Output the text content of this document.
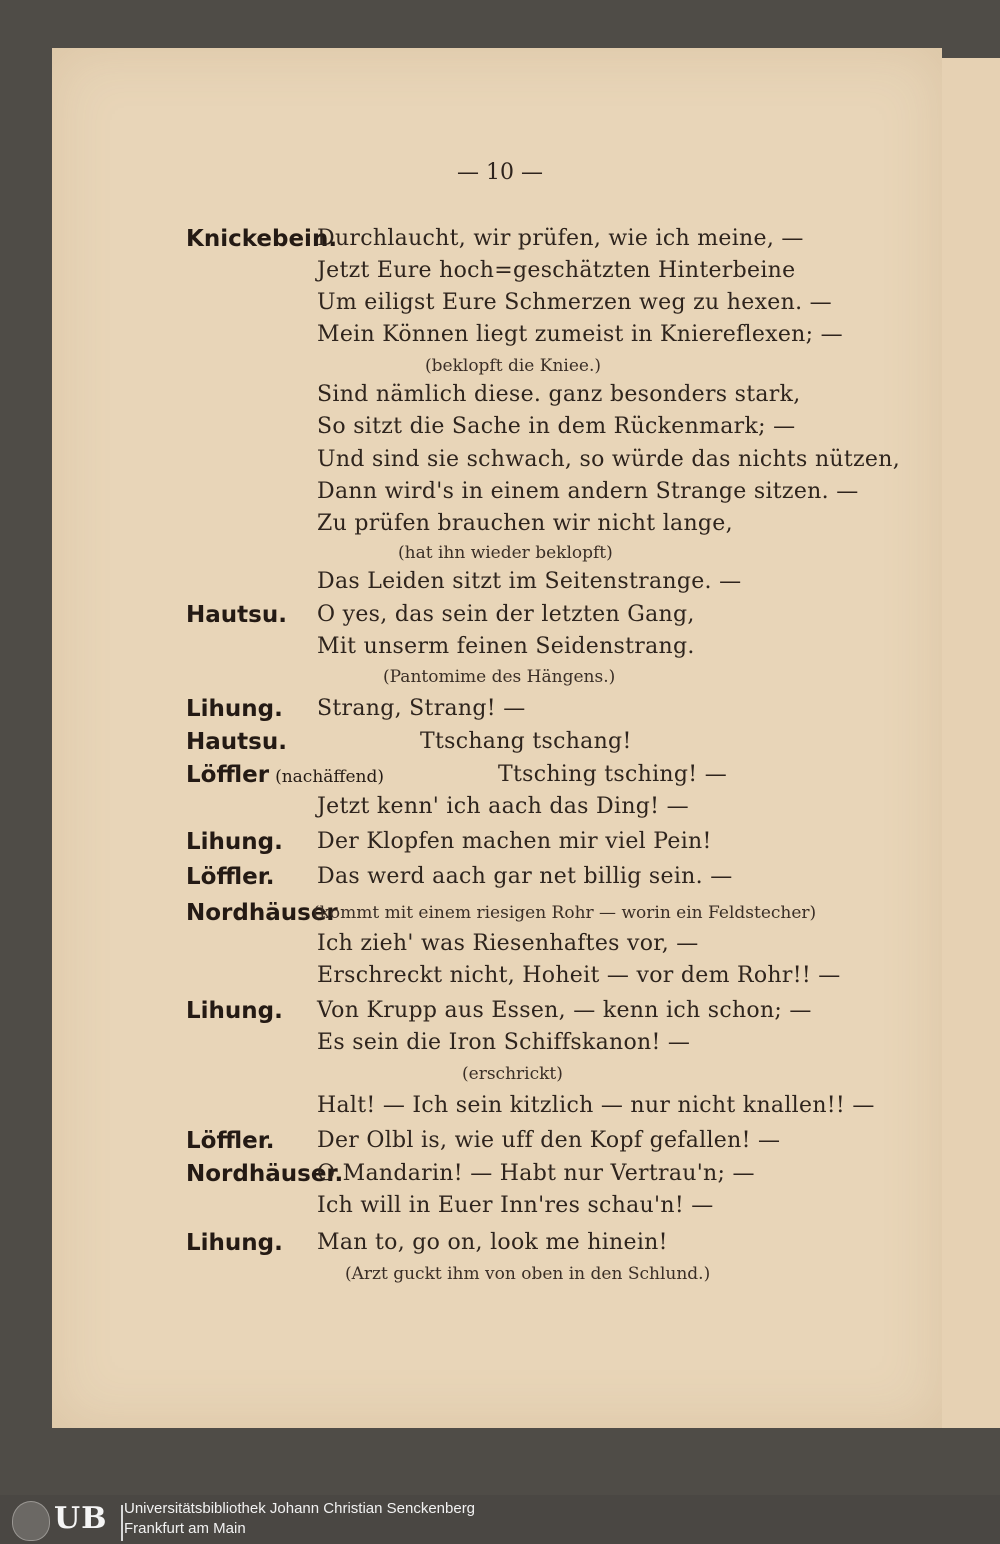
— 10 —
Knickebein.
Durchlaucht, wir prüfen, wie ich meine, —
Jetzt Eure hoch=geschätzten Hinterbeine
Um eiligst Eure Schmerzen weg zu hexen. —
Mein Können liegt zumeist in Kniereflexen; —
(beklopft die Kniee.)
Sind nämlich diese. ganz besonders stark,
So sitzt die Sache in dem Rückenmark; —
Und sind sie schwach, so würde das nichts nützen,
Dann wird's in einem andern Strange sitzen. —
Zu prüfen brauchen wir nicht lange,
(hat ihn wieder beklopft)
Das Leiden sitzt im Seitenstrange. —
Hautsu. O yes, das sein der letzten Gang,
Mit unserm feinen Seidenstrang.
(Pantomime des Hängens.)
Lihung. Strang, Strang! —
Hautsu.	Ttschang tschang!
Löffler (nachäffend)	Ttsching tsching! —
Jetzt kenn' ich aach das Ding! —
Lihung. Der Klopfen machen mir viel Pein!
Löffler. Das werd aach gar net billig sein. —
Nordhäuser
(kommt mit einem riesigen Rohr — worin ein Feldstecher)
Ich zieh' was Riesenhaftes vor, —
Erschreckt nicht, Hoheit — vor dem Rohr!! —
Lihung. Von Krupp aus Essen, — kenn ich schon; —
Es sein die Iron Schiffskanon! —
(erschrickt)
Halt! — Ich sein kitzlich — nur nicht knallen!! —
Löffler. Der Olbl is, wie uff den Kopf gefallen! —
Nordhäuser.
O Mandarin! — Habt nur Vertrau'n; —
Ich will in Euer Inn'res schau'n! —
Lihung. Man to, go on, look me hinein!
(Arzt guckt ihm von oben in den Schlund.)
UB Universitätsbibliothek Johann Christian Senckenberg
Frankfurt am Main
